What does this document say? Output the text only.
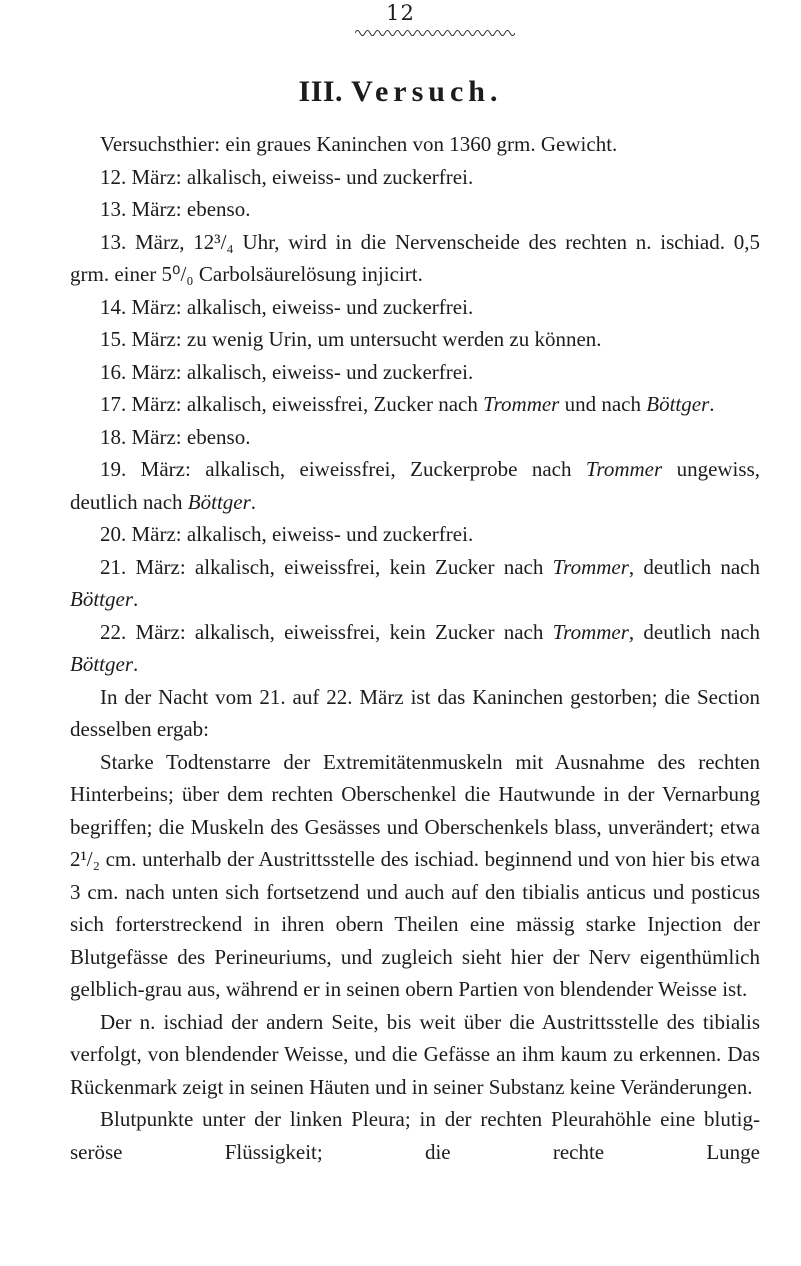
12
III. Versuch.

Versuchsthier: ein graues Kaninchen von 1360 grm. Gewicht.

12. März: alkalisch, eiweiss- und zuckerfrei.

13. März: ebenso.

13. März, 12³/₄ Uhr, wird in die Nervenscheide des rechten n. ischiad. 0,5 grm. einer 5⁰/₀ Carbolsäurelösung injicirt.

14. März: alkalisch, eiweiss- und zuckerfrei.

15. März: zu wenig Urin, um untersucht werden zu können.

16. März: alkalisch, eiweiss- und zuckerfrei.

17. März: alkalisch, eiweissfrei, Zucker nach Trommer und nach Böttger.

18. März: ebenso.

19. März: alkalisch, eiweissfrei, Zuckerprobe nach Trommer ungewiss, deutlich nach Böttger.

20. März: alkalisch, eiweiss- und zuckerfrei.

21. März: alkalisch, eiweissfrei, kein Zucker nach Trommer, deutlich nach Böttger.

22. März: alkalisch, eiweissfrei, kein Zucker nach Trommer, deutlich nach Böttger.

In der Nacht vom 21. auf 22. März ist das Kaninchen gestorben; die Section desselben ergab:

Starke Todtenstarre der Extremitätenmuskeln mit Ausnahme des rechten Hinterbeins; über dem rechten Oberschenkel die Hautwunde in der Vernarbung begriffen; die Muskeln des Gesässes und Oberschenkels blass, unverändert; etwa 2¹/₂ cm. unterhalb der Austrittsstelle des ischiad. beginnend und von hier bis etwa 3 cm. nach unten sich fortsetzend und auch auf den tibialis anticus und posticus sich forterstreckend in ihren obern Theilen eine mässig starke Injection der Blutgefässe des Perineuriums, und zugleich sieht hier der Nerv eigenthümlich gelblich-grau aus, während er in seinen obern Partien von blendender Weisse ist.

Der n. ischiad der andern Seite, bis weit über die Austrittsstelle des tibialis verfolgt, von blendender Weisse, und die Gefässe an ihm kaum zu erkennen. Das Rückenmark zeigt in seinen Häuten und in seiner Substanz keine Veränderungen.

Blutpunkte unter der linken Pleura; in der rechten Pleurahöhle eine blutig-seröse Flüssigkeit; die rechte Lunge
